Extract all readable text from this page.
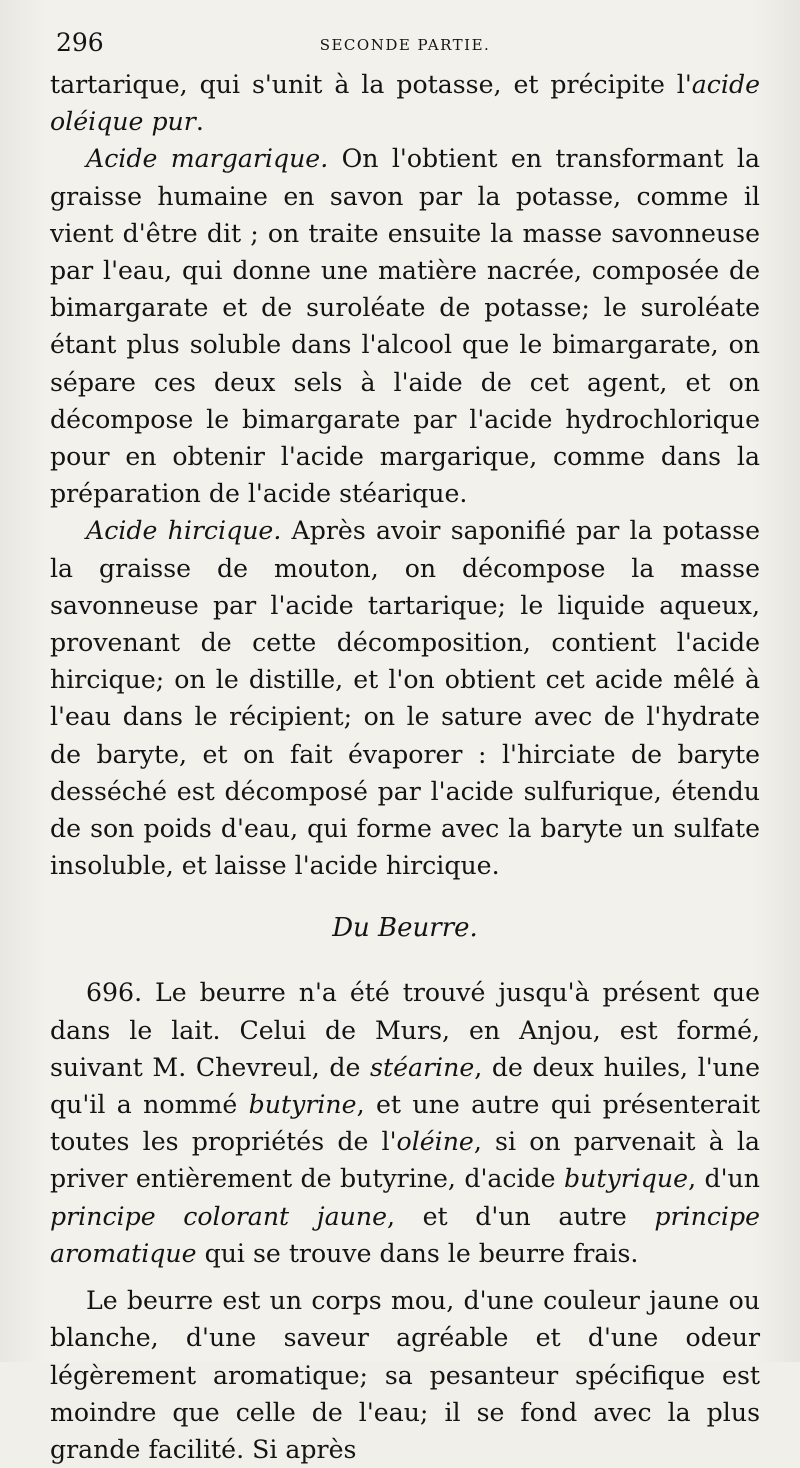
296	SECONDE PARTIE.

tartarique, qui s'unit à la potasse, et précipite l'acide oléique pur.

Acide margarique. On l'obtient en transformant la graisse humaine en savon par la potasse, comme il vient d'être dit ; on traite ensuite la masse savonneuse par l'eau, qui donne une matière nacrée, composée de bimargarate et de suroléate de potasse; le suroléate étant plus soluble dans l'alcool que le bimargarate, on sépare ces deux sels à l'aide de cet agent, et on décompose le bimargarate par l'acide hydrochlorique pour en obtenir l'acide margarique, comme dans la préparation de l'acide stéarique.

Acide hircique. Après avoir saponifié par la potasse la graisse de mouton, on décompose la masse savonneuse par l'acide tartarique; le liquide aqueux, provenant de cette décomposition, contient l'acide hircique; on le distille, et l'on obtient cet acide mêlé à l'eau dans le récipient; on le sature avec de l'hydrate de baryte, et on fait évaporer : l'hirciate de baryte desséché est décomposé par l'acide sulfurique, étendu de son poids d'eau, qui forme avec la baryte un sulfate insoluble, et laisse l'acide hircique.

Du Beurre.

696. Le beurre n'a été trouvé jusqu'à présent que dans le lait. Celui de Murs, en Anjou, est formé, suivant M. Chevreul, de stéarine, de deux huiles, l'une qu'il a nommé butyrine, et une autre qui présenterait toutes les propriétés de l'oléine, si on parvenait à la priver entièrement de butyrine, d'acide butyrique, d'un principe colorant jaune, et d'un autre principe aromatique qui se trouve dans le beurre frais.

Le beurre est un corps mou, d'une couleur jaune ou blanche, d'une saveur agréable et d'une odeur légèrement aromatique; sa pesanteur spécifique est moindre que celle de l'eau; il se fond avec la plus grande facilité. Si après
